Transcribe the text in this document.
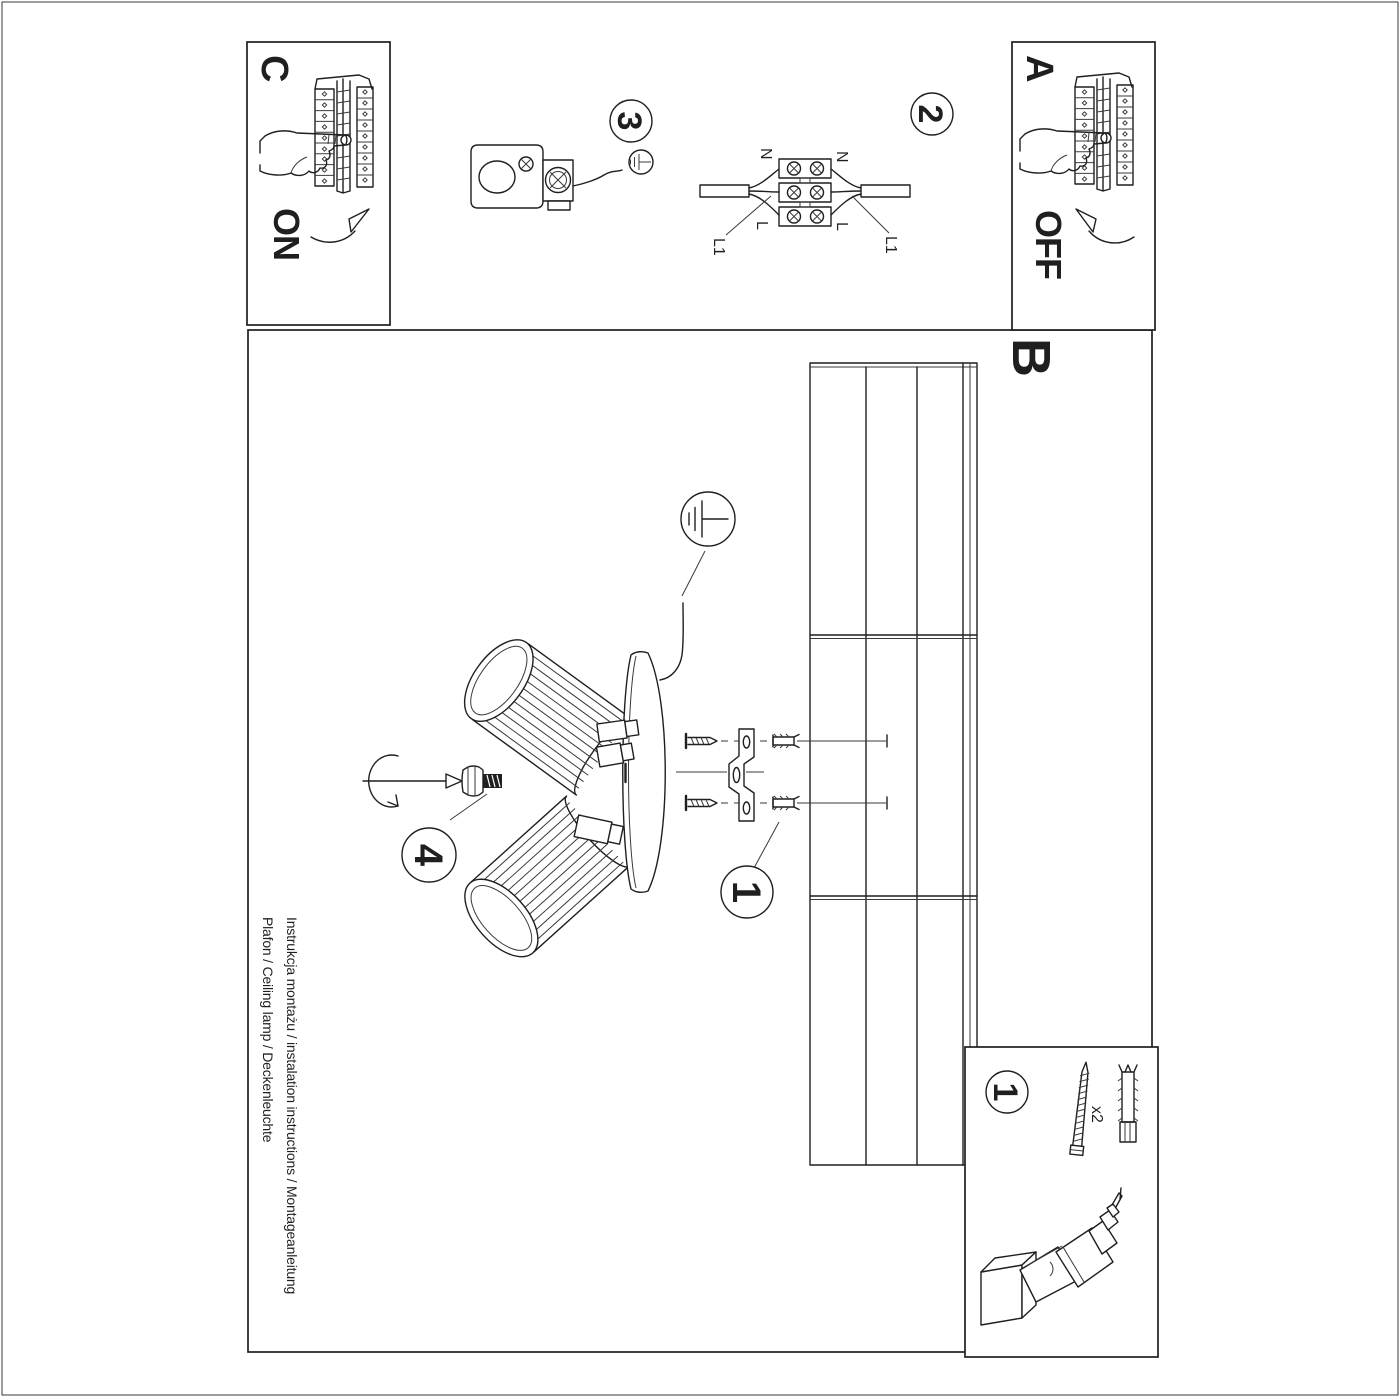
1
4
3	2
N	N
L	L
L1	L1
B
C
ON
A
OFF
1
x2
Instrukcja montażu / instalation instructions / Montageanleitung
Plafon / Ceiling lamp / Deckenleuchte
